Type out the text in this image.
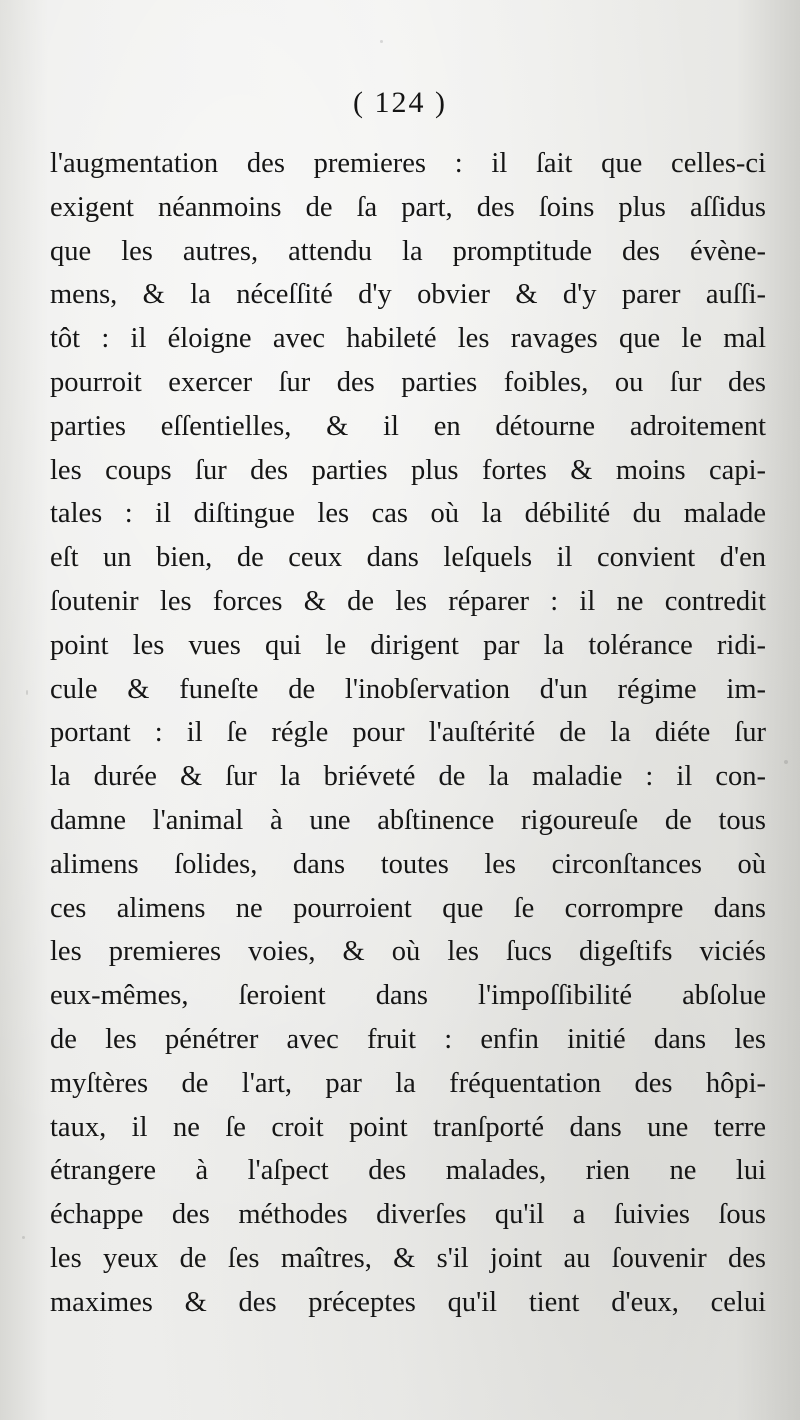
( 124 )
l'augmentation des premieres : il ſait que celles-ci
exigent néanmoins de ſa part, des ſoins plus aſſidus
que les autres, attendu la promptitude des évène-
mens, & la néceſſité d'y obvier & d'y parer auſſi-
tôt : il éloigne avec habileté les ravages que le mal
pourroit exercer ſur des parties foibles, ou ſur des
parties eſſentielles, & il en détourne adroitement
les coups ſur des parties plus fortes & moins capi-
tales : il diſtingue les cas où la débilité du malade
eſt un bien, de ceux dans leſquels il convient d'en
ſoutenir les forces & de les réparer : il ne contredit
point les vues qui le dirigent par la tolérance ridi-
cule & funeſte de l'inobſervation d'un régime im-
portant : il ſe régle pour l'auſtérité de la diéte ſur
la durée & ſur la briéveté de la maladie : il con-
damne l'animal à une abſtinence rigoureuſe de tous
alimens ſolides, dans toutes les circonſtances où
ces alimens ne pourroient que ſe corrompre dans
les premieres voies, & où les ſucs digeſtifs viciés
eux-mêmes, ſeroient dans l'impoſſibilité abſolue
de les pénétrer avec fruit : enfin initié dans les
myſtères de l'art, par la fréquentation des hôpi-
taux, il ne ſe croit point tranſporté dans une terre
étrangere à l'aſpect des malades, rien ne lui
échappe des méthodes diverſes qu'il a ſuivies ſous
les yeux de ſes maîtres, & s'il joint au ſouvenir des
maximes & des préceptes qu'il tient d'eux, celui
